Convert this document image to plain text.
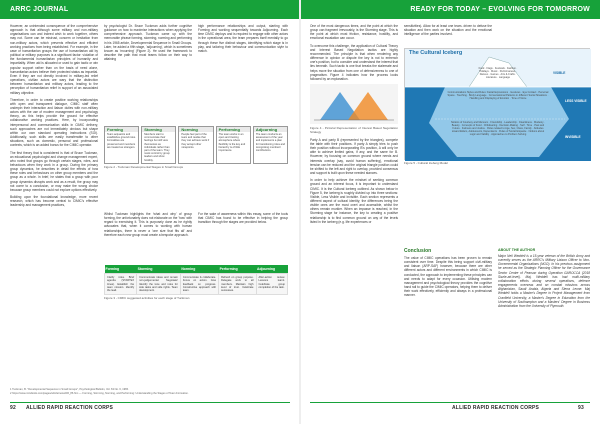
ARRC JOURNAL	READY FOR TODAY – EVOLVING FOR TOMORROW

However, an unintended consequence of the comprehensive approach is that although some military and non-military organisations can and indeed wish to work together, others may not. Some can be mistrust, concern or hesitation from non-military actors, which prevents effective and efficient working practices from being established. For example, in the case of humanitarian groups the use of humanitarian aid by political or military purposes is a significant factor: violation of the fundamental humanitarian principles of humanity and impartiality. When aid is allocated or used to gain tactic or win popular support rather than on the basis of need alone, humanitarian actors believe their protected status as impartial. Even if they are not directly involved in military-led relief operations, civilian actors are wary that the distinction between humanitarian and military actors, leading to the perception of humanitarian relief in support of an associated military objective.

Therefore, in order to create positive working relationships with open and transparent dialogue, CIMIC staff often underpin their interaction and liaison duties with non-military actors with the use of modern management and psychology theory, as this helps provide the ground for effective collaborative working practices. Here, by incorporating interpersonal and communication skills in CIMIC delivery, such approaches are not immediately obvious but shape within our own standard operating instructions (SOI). Additionally, such skills are easily transferable to other situations, such as domestic, personal and professional contexts, which is an added bonus for the CIMIC operator.

The first theory that is considered is that of Bruce Tuckman, an educational psychologist and change management expert, who noted that groups go through certain stages, roles, and behaviours when they work in a group. During the primary group dynamics, he describes in detail the effects of how these roles and behaviours on other group members and the group as a whole. In brief, he states that a group with poor group dynamics disrupts work and as a result, the group may not come to a conclusion, or may make the wrong choice because group members could not explore options effectively.

Building upon the foundational knowledge, more recent research, which has become central to CIMIC's effective leadership and management practices,

by psychologist Dr. Bruce Tuckman adds further cognitive guidance on how to maximise interactions when applying the comprehensive approach. Tuckman came up with the memorable phrase forming, storming, norming and performing in his 1965 article, Developmental Sequence in Small Groups. Later, he added a fifth stage, 'adjourning', which is sometimes known as 'mourning' (Figure 2). He used the framework to describe the path that most teams follow on their way to attaining

high performance relationships and output, starting with Forming and working sequentially towards Adjourning. Each time CIMIC deploys and is required to engage with other actors in the operational area, the team prepares itself mentally to go through these five distinct stages, identifying which stage is in play, and tailoring their behaviour and communication style to match.

Forming
Team acquaints and establishes ground rules. Formalities are preserved and members are treated as strangers.
Storming
Members start to communicate their feelings but still view themselves as individuals rather than part of the team. They resist control by group leaders and show hostility.
Norming
People feel part of the team and realise that they can achieve work if they accept other viewpoints.
Performing
The team works in an open and trusting atmosphere where flexibility is the key and hierarchy is of little importance.
Adjourning
The team conducts an assessment of the year and implements a plan for transitioning roles and recognising members' contributions.
Figure 2 - Tuckman Developmental Stages in Small Groups

Whilst Tuckman highlights the 'what and why' of group forming, the unfortunately does not elaborate on the 'how' with regard to exercising it. This is purposely done as he rightly advocates that, when it comes to working with human relationships, there is never a 'one size that fits all' and therefore each new group must create a bespoke approach.

For the sake of awareness within this essay, some of the tools that CIMIC has found to be effective in helping the group transition through the stages are provided below.

Forming	Storming	Norming	Performing	Adjourning
Clarify roles. Brief agenda (STARTEX times). Establish the team mission. Identify the lead.	Communicate ideas and remain non-judgemental. Negotiate! Identify the tone and rules for side tasks and side rights. Team development.	Communicate & collaborate. Focus on action. Give feedback on progress. Constructive approach with team.	Refresh on group purpose. Delegate work to all members. Maintain high level of trust. Celebrate successes.	After-action review. Lessons learnt. Celebrate group completion of the task.
Figure 3 - CIMIC suggested activities for each stage of Tuckman
1 Tuckman, B. "Developmental Sequence in Small Groups", Psychological Bulletin, Vol. 63 No. 6, 1965.
2 https://www.mindtools.com/pages/article/newLDR_86.htm — Forming, Storming, Norming, and Performing: Understanding the Stages of Team Formation.
92 ALLIED RAPID REACTION CORPS

One of the most dangerous times, and the point at which the group can fragment irrevocably, is the Storming stage. This is the point at which most friction, resistance, hostility, and emotional escalation can occur.

To overcome this challenge, the application of Cultural Theory and Interest Based Negotiation tactics are highly recommended. The principle is that when rendering any difference in opinion or dispute the key is not to entrench one's position, but to consider and understand the interest that lies beneath. Such tactic is one that breaks the stalemate and helps move the situation from one of defensiveness to one of pragmatism. Figure 4 indicates how the process looks followed by an explanation.

Figure 4 - Pictorial Representation of Interest Based Negotiation Strategy

Party A and party B (represented by the triangles), compete the table with their positions. If party A simply tries to push their position without incorporating B's position, A will only be able to achieve limited gains, if any, and the same for B. However, by focusing on common ground where needs and interests overlap (say, avoid human suffering), emotional tension can be reduced and the original triangle position could be shifted to the left and right to overlap, provided consensus and support is built upon these needed stances.

In order to help achieve the mindset of seeking common ground and an interest focus, it is important to understand CIMIC. It is the Cultural Iceberg outlined. As shown below in Figure 5, the iceberg is roughly divided up into three sections: Visible, Less Visible and Invisible. Each section represents a different aspect of cultural identity; the differences being the visible ones are the most overt and accessible, whilst the others remain murkier. When an impasse is reached, in the Storming stage for instance, the key to creating a positive relationship is to find common ground on any of the levels listed in the iceberg (e.g. life experiences or

sensitivities). Allow for at least one team- driven to defuse the situation and then work on the situation and the emotional intelligence of the parties involved.

The Cultural Iceberg
VISIBLE
LESS VISIBLE
INVISIBLE
Food · Flags · Festivals · Fashion · Holidays · Music · Performances · Dances · Games · Arts & Crafts · Literature · Language
Communications Styles and Rules: Facial Expressions · Gestures · Eye Contact · Personal Space · Touching · Body Language · Conversational Patterns in different Social Situations · Handling and Displaying of Emotion · Tone of Voice
Notions of Courtesy and Manners · Friendship · Leadership · Cleanliness · Modesty · Beauty · Concepts of Food · Childrearing · Decision-Making · Self · Time · Past and Future · Fairness and Justice · Roles related to Age, Sex, Class, Family · Attitudes toward Elders, Adolescents, Dependents · Rules of Social Etiquette · Notions about Logic and Validity · Approaches to Problem Solving
Figure 5 - Cultural Iceberg Model
Conclusion

The value of CIMIC operations has been proven to remain consistent over time. Despite this being support civil-military and liaison (ARP-SAF) however, because there are other different actors and different environments in which CIMIC is conducted, the approach to implementing these principles can and needs to adapt for every occasion. Utilising modern management and psychological theory provides the cognitive hand rail to guide the CIMIC operators, helping them to deliver their work effectively, efficiently and always in a professional manner.

ABOUT THE AUTHOR

Major Neil Weddell is a 15-year veteran of the British Army and currently serves as the ARRC's Military Liaison Officer to Non-Governmental Organisations (NGO). In his previous assignment he served as the Strategic Planning Officer for the Governance Sector Centre of Pearson during Operation GAROCCA (2018 Sizzle-art-level). Maj. Weddell has had multi-military collaboration efforts during several operations, defence engagements overseas and on combat missions across Afghanistan, Saudi Arabia, Algeria and Sierra Leone. Maj Weddell holds a Master's Degree in Project Management from Cranfield University, a Master's Degree in Education from the University of Southampton and a Masters' Degree in Business Administration from the University of Plymouth.

ALLIED RAPID REACTION CORPS	93
